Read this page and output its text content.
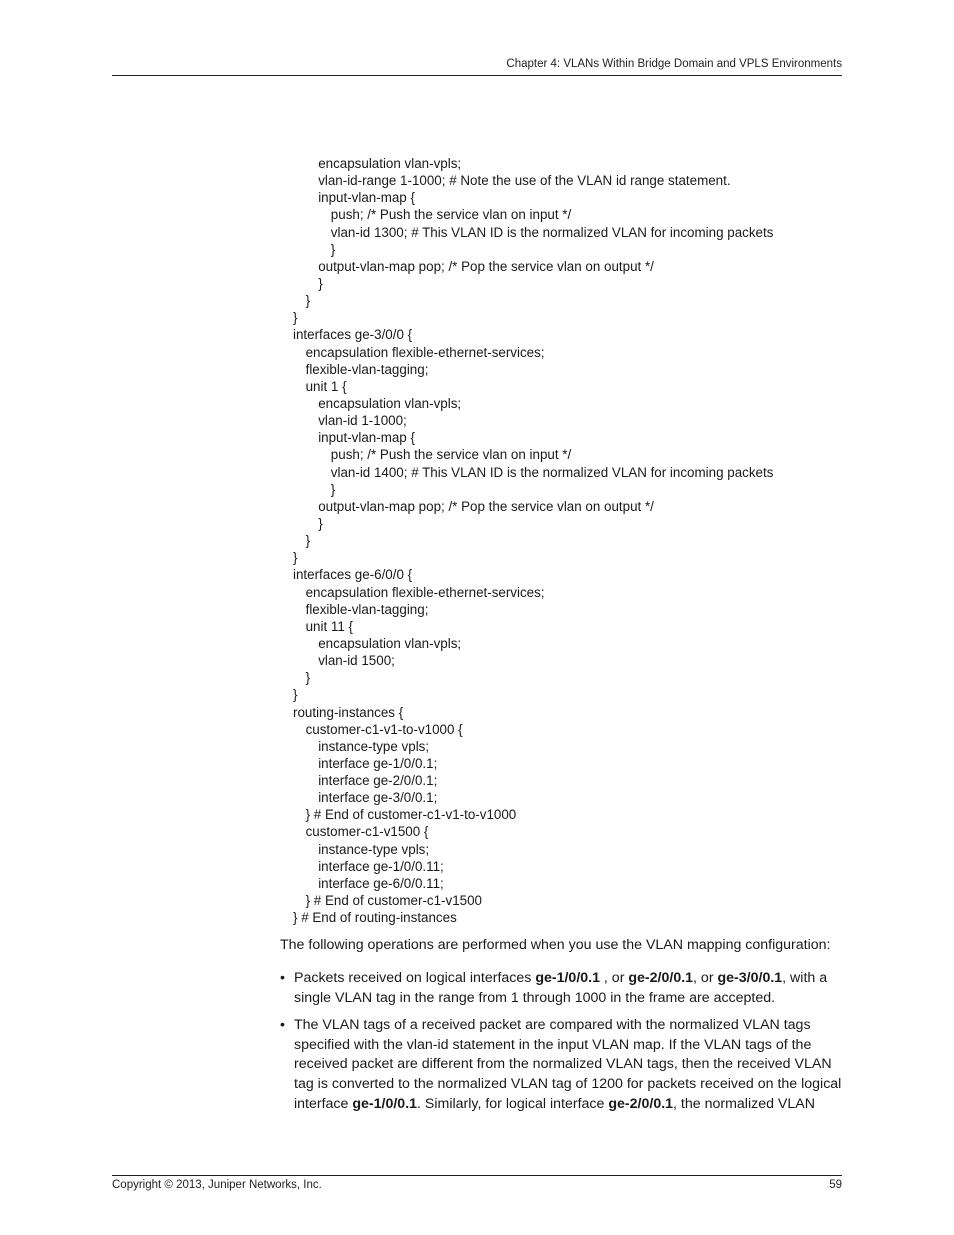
Chapter 4: VLANs Within Bridge Domain and VPLS Environments
encapsulation vlan-vpls;
vlan-id-range 1-1000; # Note the use of the VLAN id range statement.
input-vlan-map {
push; /* Push the service vlan on input */
vlan-id 1300; # This VLAN ID is the normalized VLAN for incoming packets
}
output-vlan-map pop; /* Pop the service vlan on output */
}
}
}
interfaces ge-3/0/0 {
encapsulation flexible-ethernet-services;
flexible-vlan-tagging;
unit 1 {
encapsulation vlan-vpls;
vlan-id 1-1000;
input-vlan-map {
push; /* Push the service vlan on input */
vlan-id 1400; # This VLAN ID is the normalized VLAN for incoming packets
}
output-vlan-map pop; /* Pop the service vlan on output */
}
}
}
interfaces ge-6/0/0 {
encapsulation flexible-ethernet-services;
flexible-vlan-tagging;
unit 11 {
encapsulation vlan-vpls;
vlan-id 1500;
}
}
routing-instances {
customer-c1-v1-to-v1000 {
instance-type vpls;
interface ge-1/0/0.1;
interface ge-2/0/0.1;
interface ge-3/0/0.1;
} # End of customer-c1-v1-to-v1000
customer-c1-v1500 {
instance-type vpls;
interface ge-1/0/0.11;
interface ge-6/0/0.11;
} # End of customer-c1-v1500
} # End of routing-instances
The following operations are performed when you use the VLAN mapping configuration:
• Packets received on logical interfaces ge-1/0/0.1 , or ge-2/0/0.1, or ge-3/0/0.1, with a
single VLAN tag in the range from 1 through 1000 in the frame are accepted.
• The VLAN tags of a received packet are compared with the normalized VLAN tags
specified with the vlan-id statement in the input VLAN map. If the VLAN tags of the
received packet are different from the normalized VLAN tags, then the received VLAN
tag is converted to the normalized VLAN tag of 1200 for packets received on the logical
interface ge-1/0/0.1. Similarly, for logical interface ge-2/0/0.1, the normalized VLAN
Copyright © 2013, Juniper Networks, Inc.	59
